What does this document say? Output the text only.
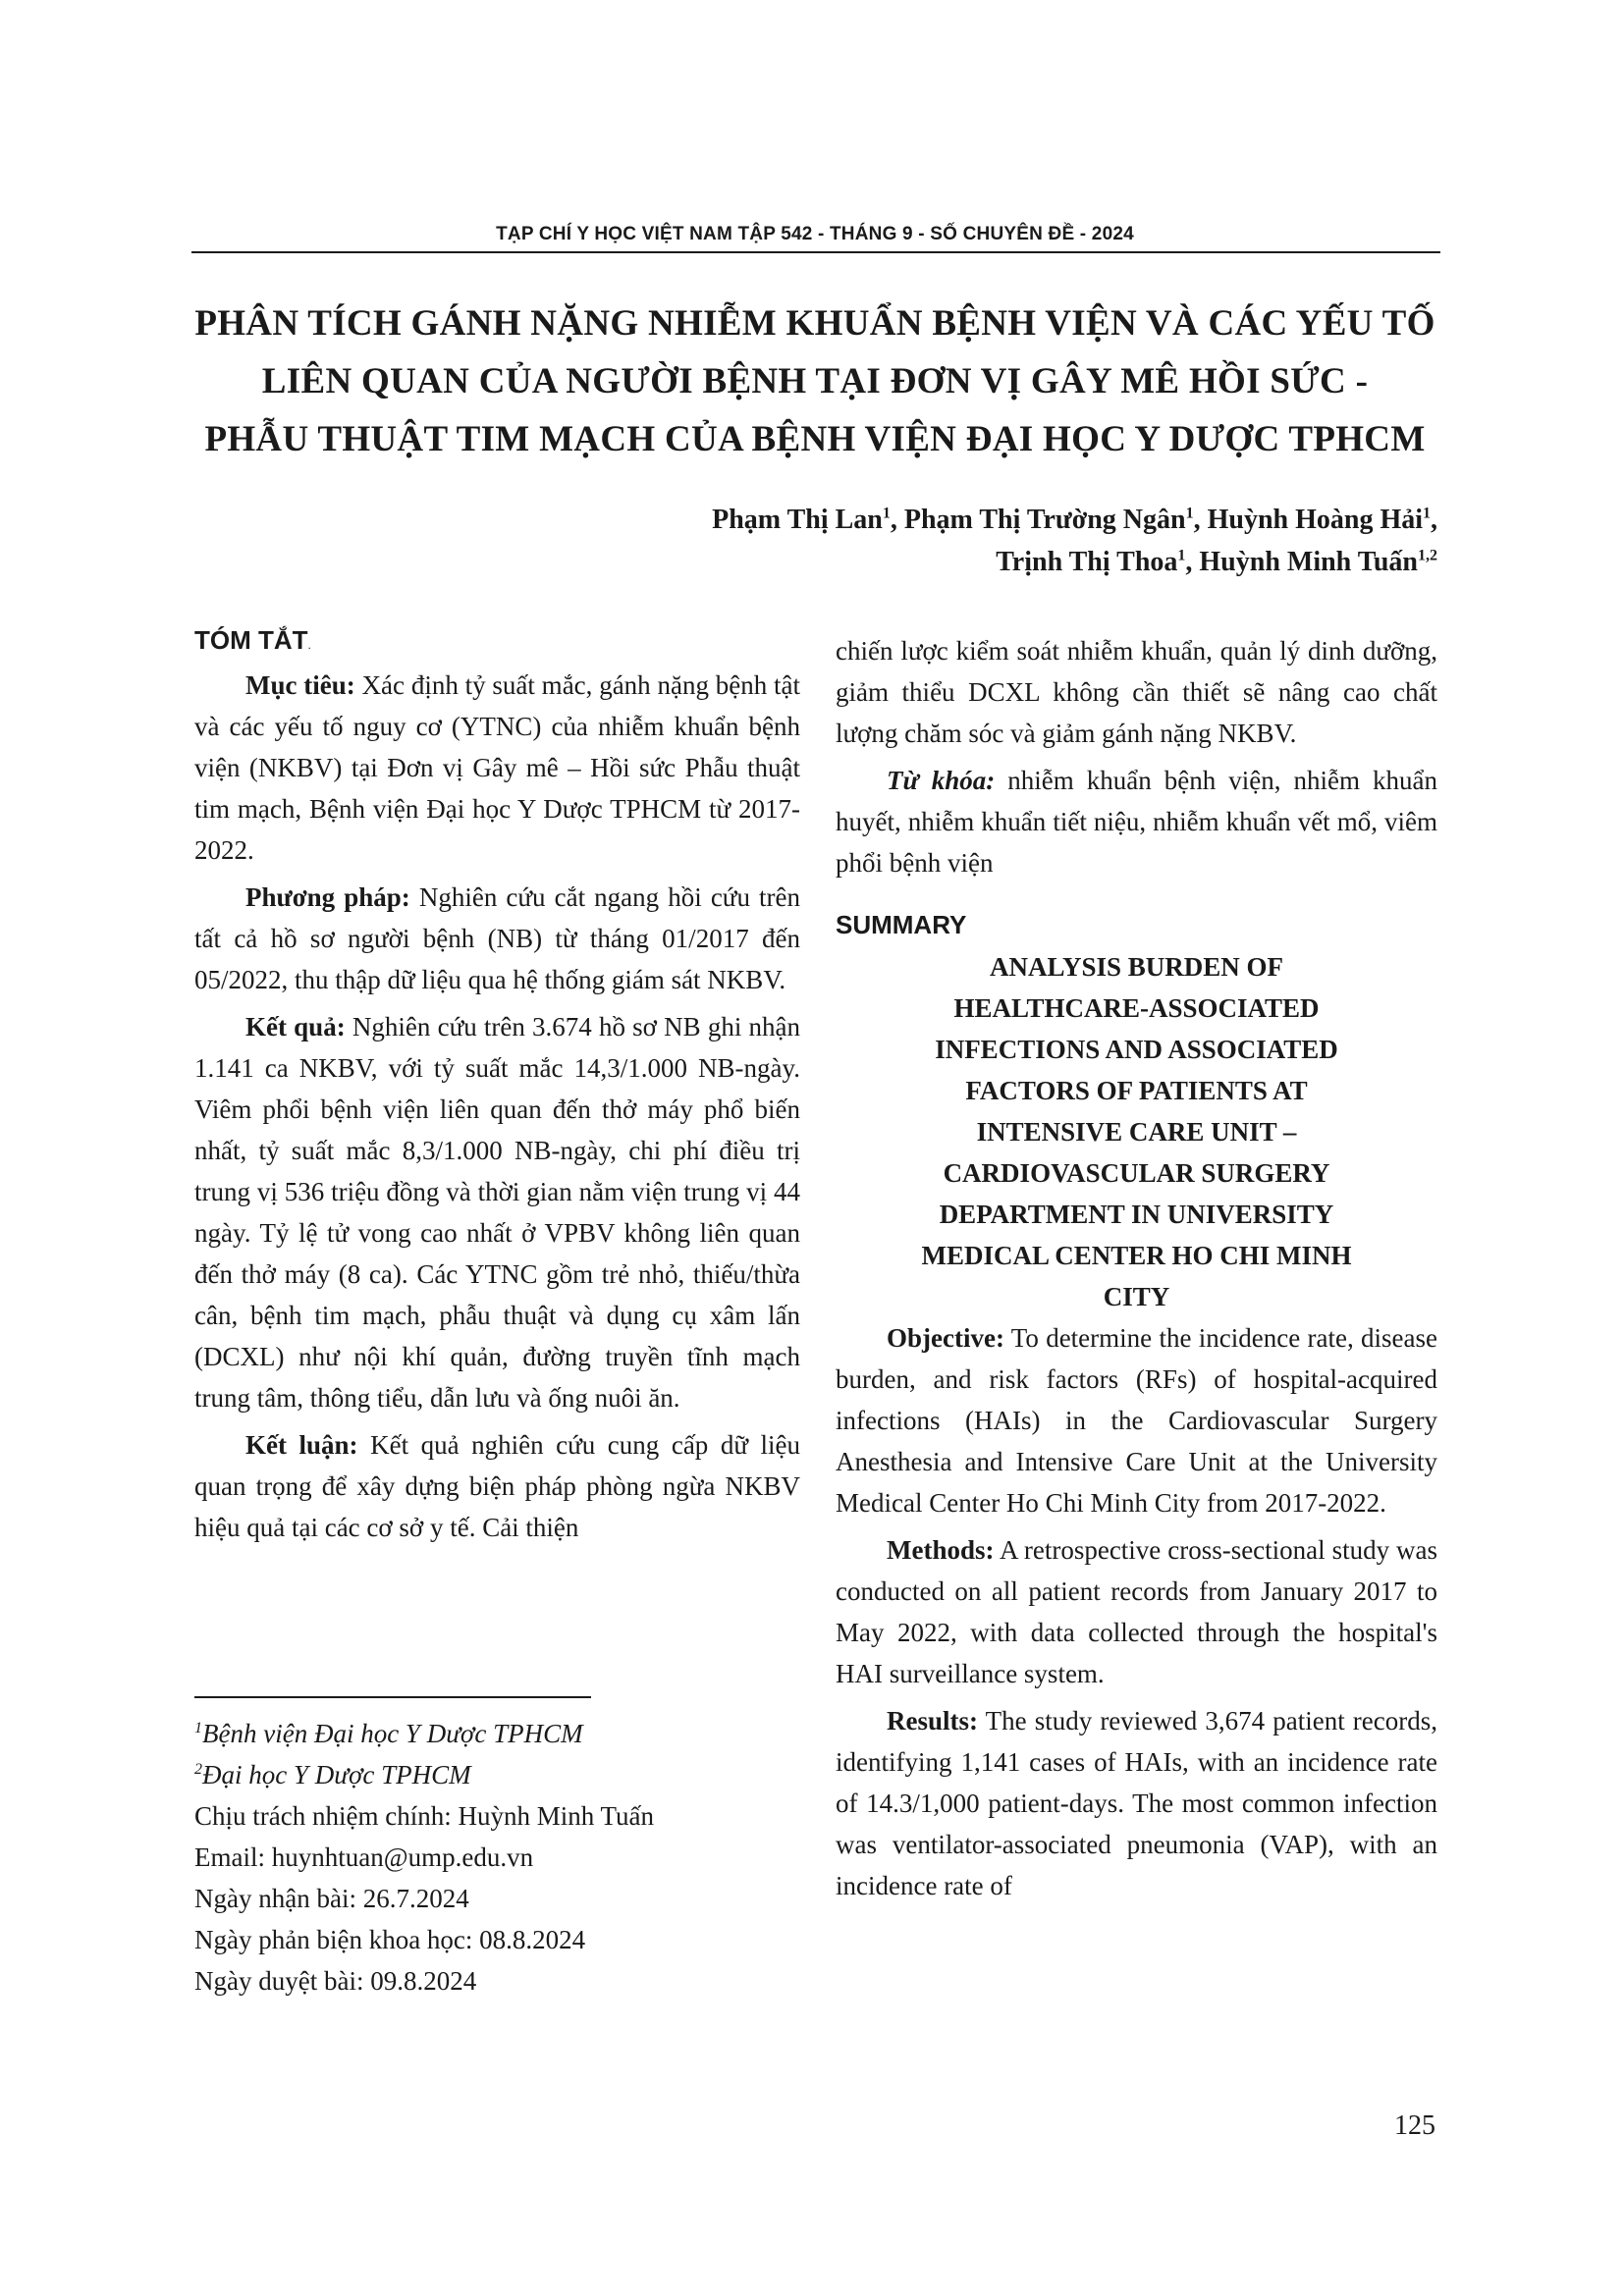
TẠP CHÍ Y HỌC VIỆT NAM TẬP 542 - THÁNG 9 - SỐ CHUYÊN ĐỀ - 2024
PHÂN TÍCH GÁNH NẶNG NHIỄM KHUẨN BỆNH VIỆN VÀ CÁC YẾU TỐ
LIÊN QUAN CỦA NGƯỜI BỆNH TẠI ĐƠN VỊ GÂY MÊ HỒI SỨC -
PHẪU THUẬT TIM MẠCH CỦA BỆNH VIỆN ĐẠI HỌC Y DƯỢC TPHCM
Phạm Thị Lan$^1$, Phạm Thị Trường Ngân$^1$, Huỳnh Hoàng Hải$^1$,
Trịnh Thị Thoa$^1$, Huỳnh Minh Tuấn$^{1,2}$
TÓM TẮT.

Mục tiêu: Xác định tỷ suất mắc, gánh nặng bệnh tật và các yếu tố nguy cơ (YTNC) của nhiễm khuẩn bệnh viện (NKBV) tại Đơn vị Gây mê – Hồi sức Phẫu thuật tim mạch, Bệnh viện Đại học Y Dược TPHCM từ 2017-2022.

Phương pháp: Nghiên cứu cắt ngang hồi cứu trên tất cả hồ sơ người bệnh (NB) từ tháng 01/2017 đến 05/2022, thu thập dữ liệu qua hệ thống giám sát NKBV.

Kết quả: Nghiên cứu trên 3.674 hồ sơ NB ghi nhận 1.141 ca NKBV, với tỷ suất mắc 14,3/1.000 NB-ngày. Viêm phổi bệnh viện liên quan đến thở máy phổ biến nhất, tỷ suất mắc 8,3/1.000 NB-ngày, chi phí điều trị trung vị 536 triệu đồng và thời gian nằm viện trung vị 44 ngày. Tỷ lệ tử vong cao nhất ở VPBV không liên quan đến thở máy (8 ca). Các YTNC gồm trẻ nhỏ, thiếu/thừa cân, bệnh tim mạch, phẫu thuật và dụng cụ xâm lấn (DCXL) như nội khí quản, đường truyền tĩnh mạch trung tâm, thông tiểu, dẫn lưu và ống nuôi ăn.

Kết luận: Kết quả nghiên cứu cung cấp dữ liệu quan trọng để xây dựng biện pháp phòng ngừa NKBV hiệu quả tại các cơ sở y tế. Cải thiện

$^1$Bệnh viện Đại học Y Dược TPHCM
$^2$Đại học Y Dược TPHCM
Chịu trách nhiệm chính: Huỳnh Minh Tuấn
Email: huynhtuan@ump.edu.vn
Ngày nhận bài: 26.7.2024
Ngày phản biện khoa học: 08.8.2024
Ngày duyệt bài: 09.8.2024

chiến lược kiểm soát nhiễm khuẩn, quản lý dinh dưỡng, giảm thiểu DCXL không cần thiết sẽ nâng cao chất lượng chăm sóc và giảm gánh nặng NKBV.

Từ khóa: nhiễm khuẩn bệnh viện, nhiễm khuẩn huyết, nhiễm khuẩn tiết niệu, nhiễm khuẩn vết mổ, viêm phổi bệnh viện

SUMMARY
ANALYSIS BURDEN OF
HEALTHCARE-ASSOCIATED
INFECTIONS AND ASSOCIATED
FACTORS OF PATIENTS AT
INTENSIVE CARE UNIT –
CARDIOVASCULAR SURGERY
DEPARTMENT IN UNIVERSITY
MEDICAL CENTER HO CHI MINH
CITY

Objective: To determine the incidence rate, disease burden, and risk factors (RFs) of hospital-acquired infections (HAIs) in the Cardiovascular Surgery Anesthesia and Intensive Care Unit at the University Medical Center Ho Chi Minh City from 2017-2022.

Methods: A retrospective cross-sectional study was conducted on all patient records from January 2017 to May 2022, with data collected through the hospital's HAI surveillance system.

Results: The study reviewed 3,674 patient records, identifying 1,141 cases of HAIs, with an incidence rate of 14.3/1,000 patient-days. The most common infection was ventilator-associated pneumonia (VAP), with an incidence rate of

125
